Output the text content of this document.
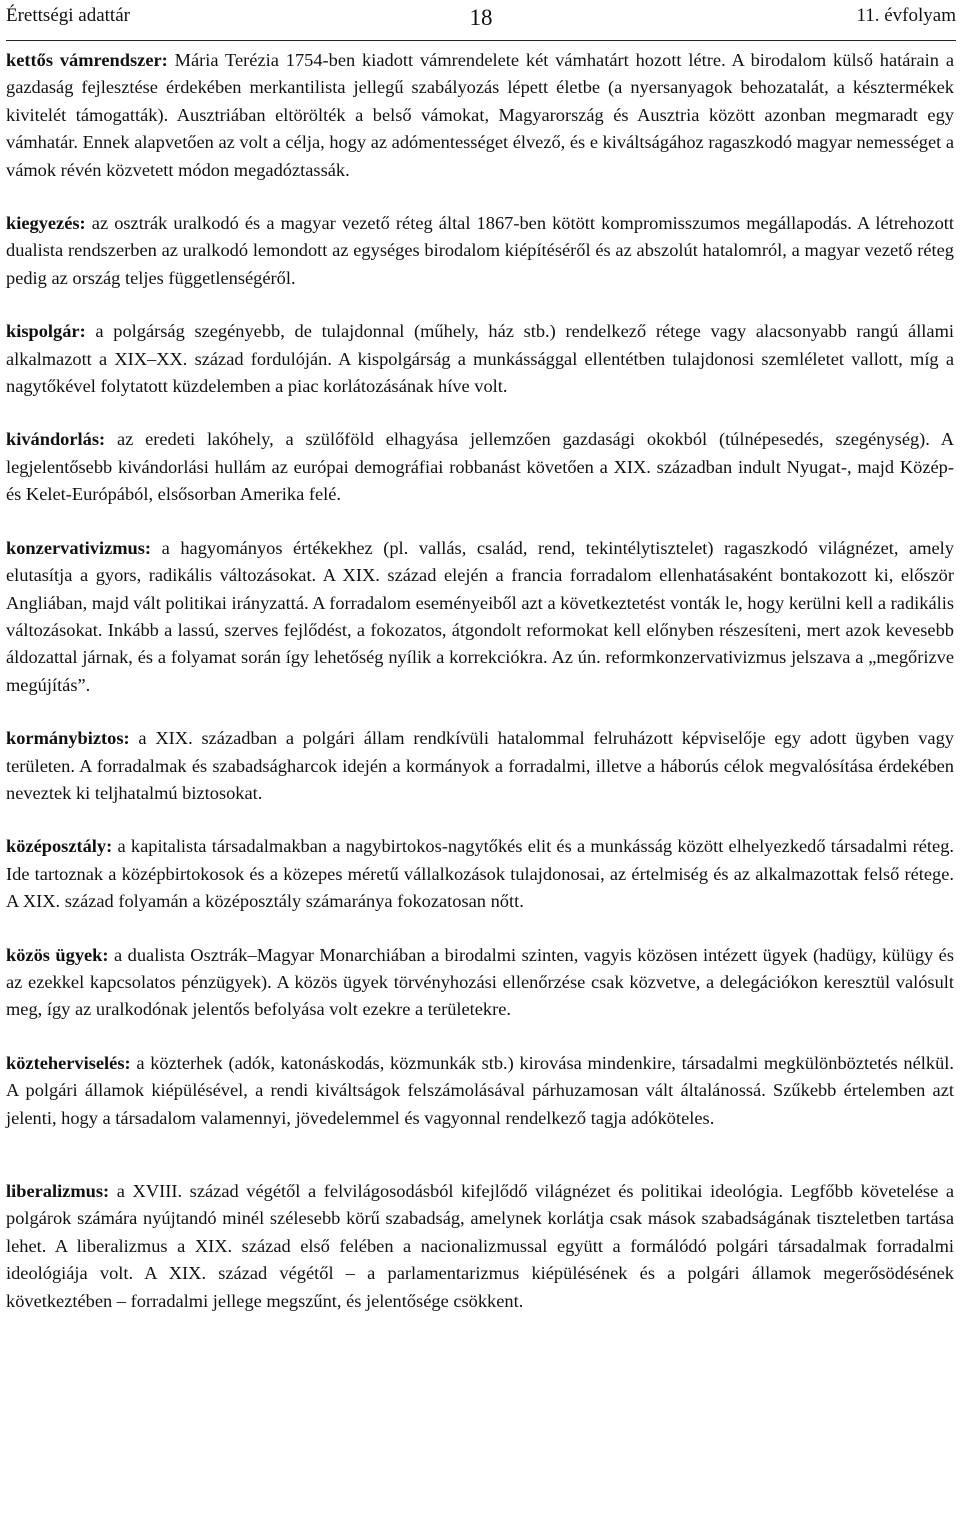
Érettségi adattár	18	11. évfolyam

kettős vámrendszer: Mária Terézia 1754-ben kiadott vámrendelete két vámhatárt hozott létre. A birodalom külső határain a gazdaság fejlesztése érdekében merkantilista jellegű szabályozás lépett életbe (a nyersanyagok behozatalát, a késztermékek kivitelét támogatták). Ausztriában eltörölték a belső vámokat, Magyarország és Ausztria között azonban megmaradt egy vámhatár. Ennek alapvetően az volt a célja, hogy az adómentességet élvező, és e kiváltságához ragaszkodó magyar nemességet a vámok révén közvetett módon megadóztassák.

kiegyezés: az osztrák uralkodó és a magyar vezető réteg által 1867-ben kötött kompromisszumos megállapodás. A létrehozott dualista rendszerben az uralkodó lemondott az egységes birodalom kiépítéséről és az abszolút hatalomról, a magyar vezető réteg pedig az ország teljes függetlenségéről.

kispolgár: a polgárság szegényebb, de tulajdonnal (műhely, ház stb.) rendelkező rétege vagy alacsonyabb rangú állami alkalmazott a XIX–XX. század fordulóján. A kispolgárság a munkássággal ellentétben tulajdonosi szemléletet vallott, míg a nagytőkével folytatott küzdelemben a piac korlátozásának híve volt.

kivándorlás: az eredeti lakóhely, a szülőföld elhagyása jellemzően gazdasági okokból (túlnépesedés, szegénység). A legjelentősebb kivándorlási hullám az európai demográfiai robbanást követően a XIX. században indult Nyugat-, majd Közép- és Kelet-Európából, elsősorban Amerika felé.

konzervativizmus: a hagyományos értékekhez (pl. vallás, család, rend, tekintélytisztelet) ragaszkodó világnézet, amely elutasítja a gyors, radikális változásokat. A XIX. század elején a francia forradalom ellenhatásaként bontakozott ki, először Angliában, majd vált politikai irányzattá. A forradalom eseményeiből azt a következtetést vonták le, hogy kerülni kell a radikális változásokat. Inkább a lassú, szerves fejlődést, a fokozatos, átgondolt reformokat kell előnyben részesíteni, mert azok kevesebb áldozattal járnak, és a folyamat során így lehetőség nyílik a korrekciókra. Az ún. reformkonzervativizmus jelszava a „megőrizve megújítás”.

kormánybiztos: a XIX. században a polgári állam rendkívüli hatalommal felruházott képviselője egy adott ügyben vagy területen. A forradalmak és szabadságharcok idején a kormányok a forradalmi, illetve a háborús célok megvalósítása érdekében neveztek ki teljhatalmú biztosokat.

középosztály: a kapitalista társadalmakban a nagybirtokos-nagytőkés elit és a munkásság között elhelyezkedő társadalmi réteg. Ide tartoznak a középbirtokosok és a közepes méretű vállalkozások tulajdonosai, az értelmiség és az alkalmazottak felső rétege. A XIX. század folyamán a középosztály számaránya fokozatosan nőtt.

közös ügyek: a dualista Osztrák–Magyar Monarchiában a birodalmi szinten, vagyis közösen intézett ügyek (hadügy, külügy és az ezekkel kapcsolatos pénzügyek). A közös ügyek törvényhozási ellenőrzése csak közvetve, a delegációkon keresztül valósult meg, így az uralkodónak jelentős befolyása volt ezekre a területekre.

közteherviselés: a közterhek (adók, katonáskodás, közmunkák stb.) kirovása mindenkire, társadalmi megkülönböztetés nélkül. A polgári államok kiépülésével, a rendi kiváltságok felszámolásával párhuzamosan vált általánossá. Szűkebb értelemben azt jelenti, hogy a társadalom valamennyi, jövedelemmel és vagyonnal rendelkező tagja adóköteles.

liberalizmus: a XVIII. század végétől a felvilágosodásból kifejlődő világnézet és politikai ideológia. Legfőbb követelése a polgárok számára nyújtandó minél szélesebb körű szabadság, amelynek korlátja csak mások szabadságának tiszteletben tartása lehet. A liberalizmus a XIX. század első felében a nacionalizmussal együtt a formálódó polgári társadalmak forradalmi ideológiája volt. A XIX. század végétől – a parlamentarizmus kiépülésének és a polgári államok megerősödésének következtében – forradalmi jellege megszűnt, és jelentősége csökkent.
